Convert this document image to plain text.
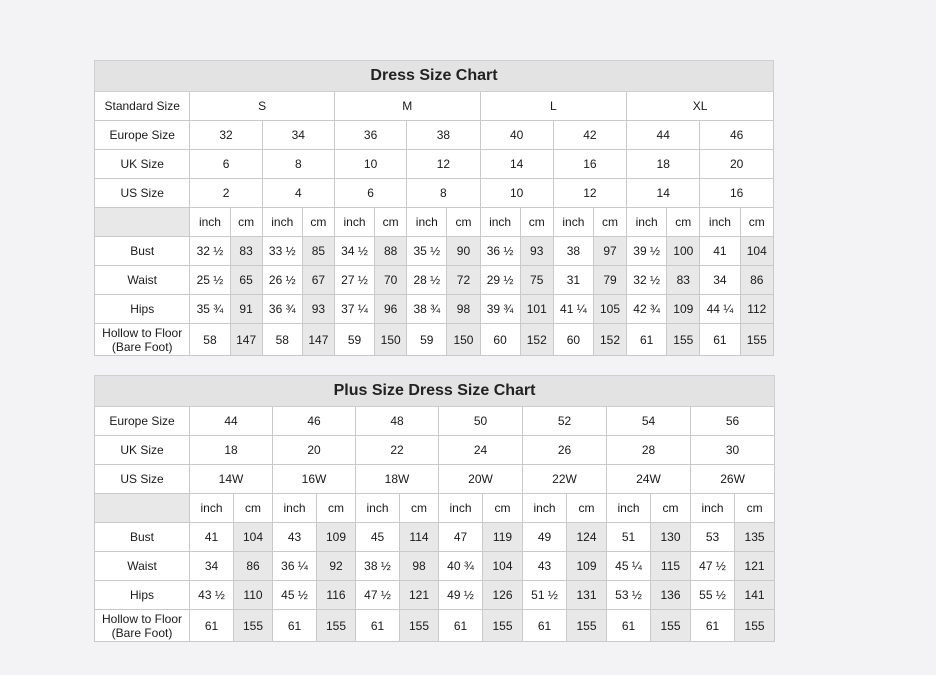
Dress Size Chart																
Standard Size	S				M				L				XL			
Europe Size	32		34		36		38		40		42		44		46	
UK Size	6		8		10		12		14		16		18		20	
US Size	2		4		6		8		10		12		14		16	
	inch	cm	inch	cm	inch	cm	inch	cm	inch	cm	inch	cm	inch	cm	inch	cm
Bust	32 ½	83	33 ½	85	34 ½	88	35 ½	90	36 ½	93	38	97	39 ½	100	41	104
Waist	25 ½	65	26 ½	67	27 ½	70	28 ½	72	29 ½	75	31	79	32 ½	83	34	86
Hips	35 ¾	91	36 ¾	93	37 ¼	96	38 ¾	98	39 ¾	101	41 ¼	105	42 ¾	109	44 ¼	112
Hollow to Floor (Bare Foot)	58	147	58	147	59	150	59	150	60	152	60	152	61	155	61	155
Plus Size Dress Size Chart														
Europe Size	44		46		48		50		52		54		56	
UK Size	18		20		22		24		26		28		30	
US Size	14W		16W		18W		20W		22W		24W		26W	
	inch	cm	inch	cm	inch	cm	inch	cm	inch	cm	inch	cm	inch	cm
Bust	41	104	43	109	45	114	47	119	49	124	51	130	53	135
Waist	34	86	36 ¼	92	38 ½	98	40 ¾	104	43	109	45 ¼	115	47 ½	121
Hips	43 ½	110	45 ½	116	47 ½	121	49 ½	126	51 ½	131	53 ½	136	55 ½	141
Hollow to Floor (Bare Foot)	61	155	61	155	61	155	61	155	61	155	61	155	61	155
